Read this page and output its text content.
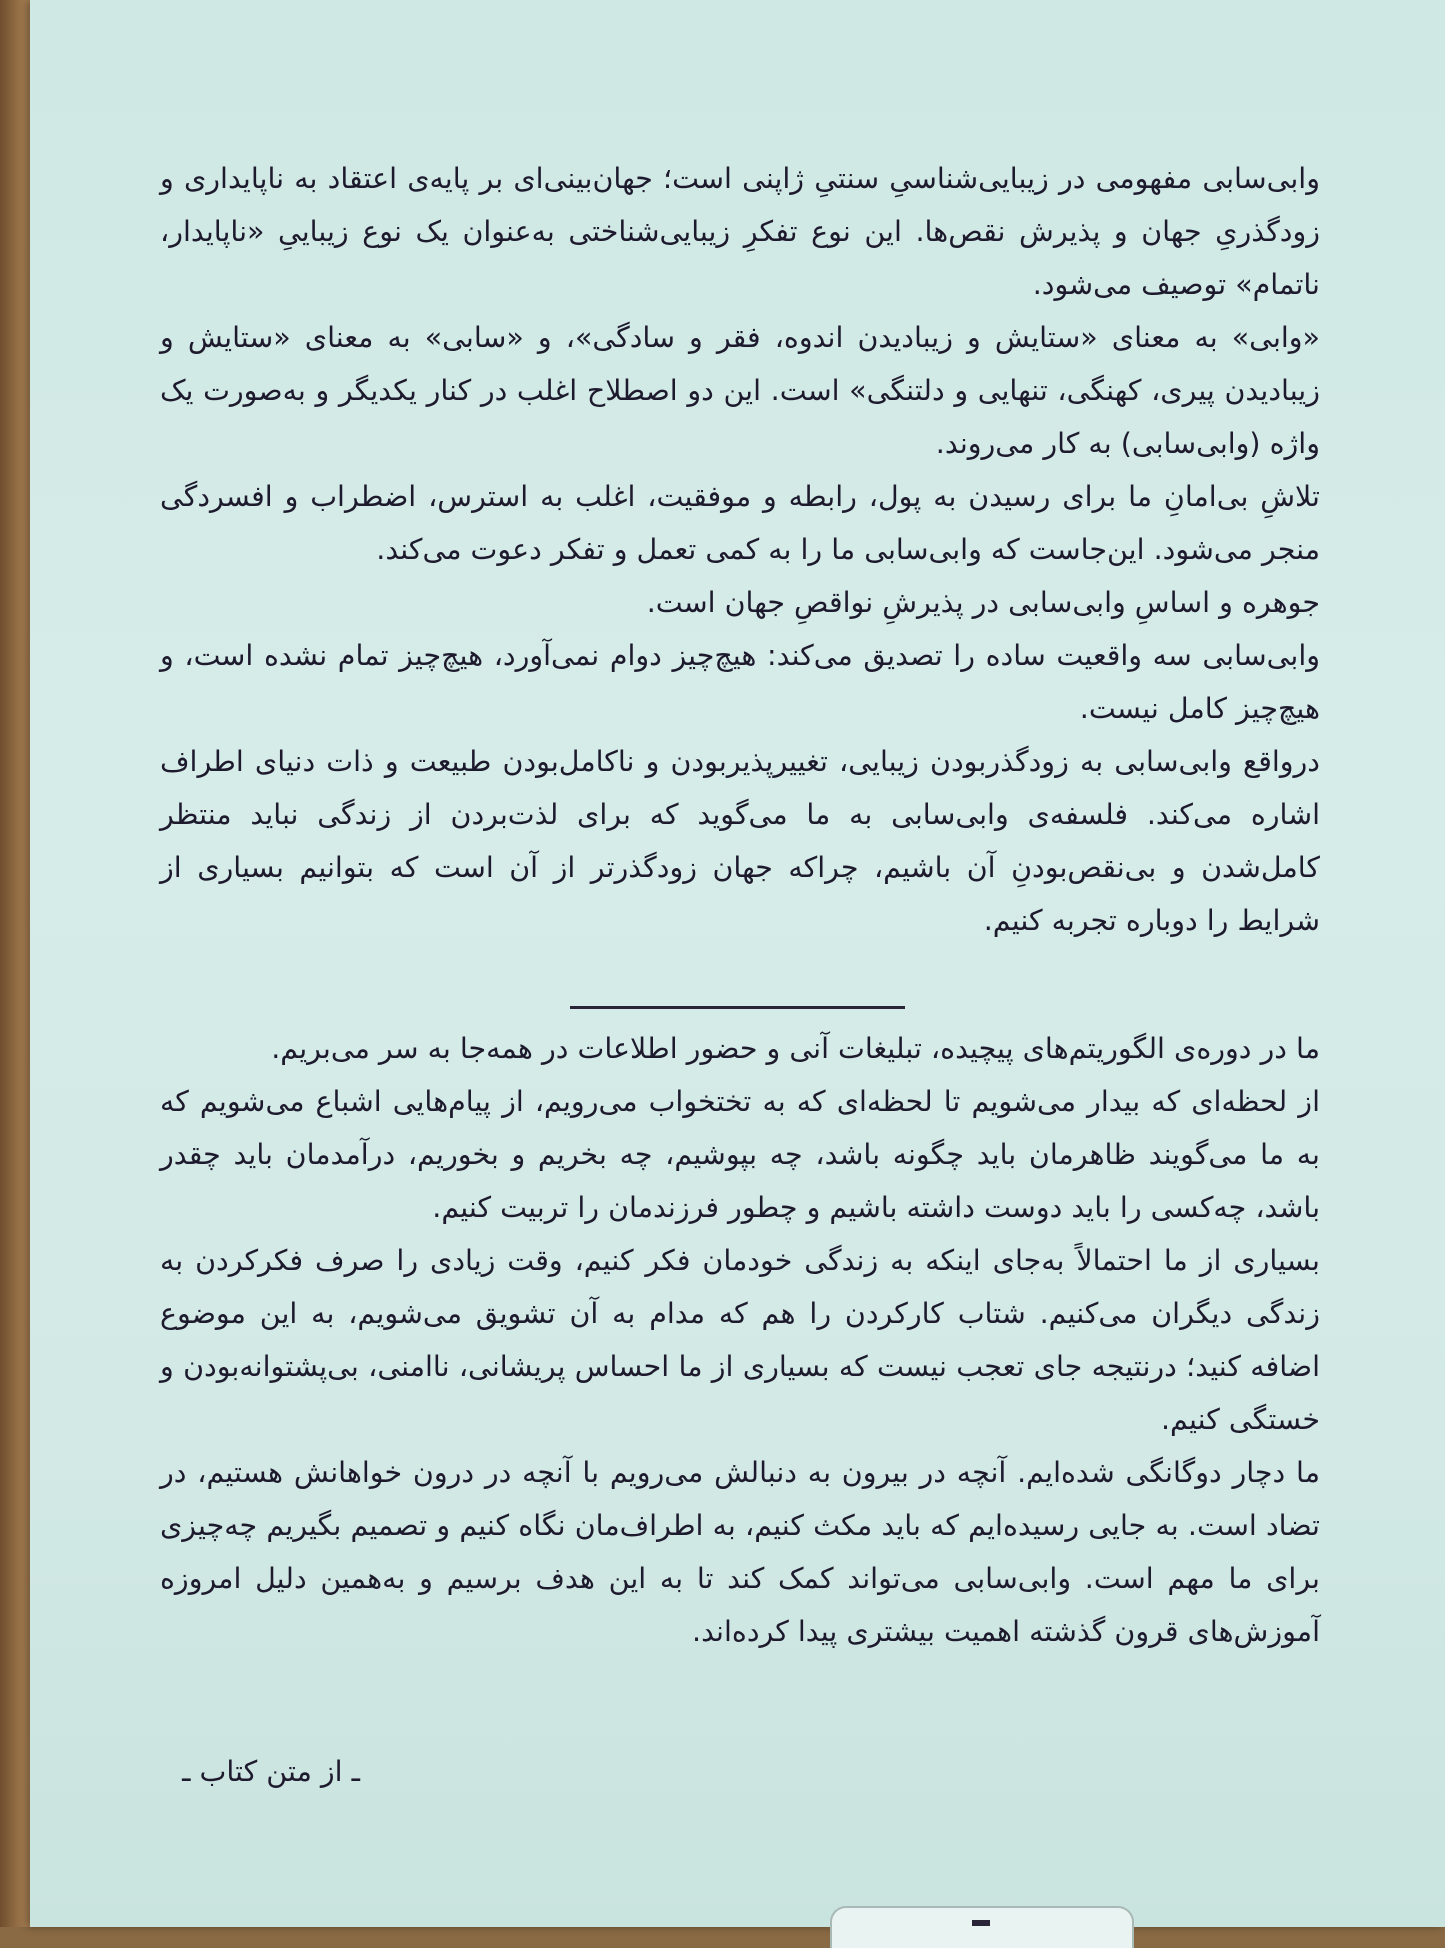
وابی‌سابی مفهومی در زیبایی‌شناسیِ سنتیِ ژاپنی است؛ جهان‌بینی‌ای بر پایه‌ی اعتقاد به ناپایداری و زودگذریِ جهان و پذیرش نقص‌ها. این نوع تفکرِ زیبایی‌شناختی به‌عنوان یک نوع زیباییِ «ناپایدار، ناتمام» توصیف می‌شود.

«وابی» به معنای «ستایش و زیبادیدن اندوه، فقر و سادگی»، و «سابی» به معنای «ستایش و زیبادیدن پیری، کهنگی، تنهایی و دلتنگی» است. این دو اصطلاح اغلب در کنار یکدیگر و به‌صورت یک واژه (وابی‌سابی) به کار می‌روند.

تلاشِ بی‌امانِ ما برای رسیدن به پول، رابطه و موفقیت، اغلب به استرس، اضطراب و افسردگی منجر می‌شود. این‌جاست که وابی‌سابی ما را به کمی تعمل و تفکر دعوت می‌کند.

جوهره و اساسِ وابی‌سابی در پذیرشِ نواقصِ جهان است.

وابی‌سابی سه واقعیت ساده را تصدیق می‌کند: هیچ‌چیز دوام نمی‌آورد، هیچ‌چیز تمام نشده است، و هیچ‌چیز کامل نیست.

درواقع وابی‌سابی به زودگذربودن زیبایی، تغییرپذیربودن و ناکامل‌بودن طبیعت و ذات دنیای اطراف اشاره می‌کند. فلسفه‌ی وابی‌سابی به ما می‌گوید که برای لذت‌بردن از زندگی نباید منتظر کامل‌شدن و بی‌نقص‌بودنِ آن باشیم، چراکه جهان زودگذرتر از آن است که بتوانیم بسیاری از شرایط را دوباره تجربه کنیم.

ما در دوره‌ی الگوریتم‌های پیچیده، تبلیغات آنی و حضور اطلاعات در همه‌جا به سر می‌بریم.

از لحظه‌ای که بیدار می‌شویم تا لحظه‌ای که به تختخواب می‌رویم، از پیام‌هایی اشباع می‌شویم که به ما می‌گویند ظاهرمان باید چگونه باشد، چه بپوشیم، چه بخریم و بخوریم، درآمدمان باید چقدر باشد، چه‌کسی را باید دوست داشته باشیم و چطور فرزندمان را تربیت کنیم.

بسیاری از ما احتمالاً به‌جای اینکه به زندگی خودمان فکر کنیم، وقت زیادی را صرف فکرکردن به زندگی دیگران می‌کنیم. شتاب کارکردن را هم که مدام به آن تشویق می‌شویم، به این موضوع اضافه کنید؛ درنتیجه جای تعجب نیست که بسیاری از ما احساس پریشانی، ناامنی، بی‌پشتوانه‌بودن و خستگی کنیم.

ما دچار دوگانگی شده‌ایم. آنچه در بیرون به دنبالش می‌رویم با آنچه در درون خواهانش هستیم، در تضاد است. به جایی رسیده‌ایم که باید مکث کنیم، به اطراف‌مان نگاه کنیم و تصمیم بگیریم چه‌چیزی برای ما مهم است. وابی‌سابی می‌تواند کمک کند تا به این هدف برسیم و به‌همین دلیل امروزه آموزش‌های قرون گذشته اهمیت بیشتری پیدا کرده‌اند.

ـ از متن کتاب ـ
